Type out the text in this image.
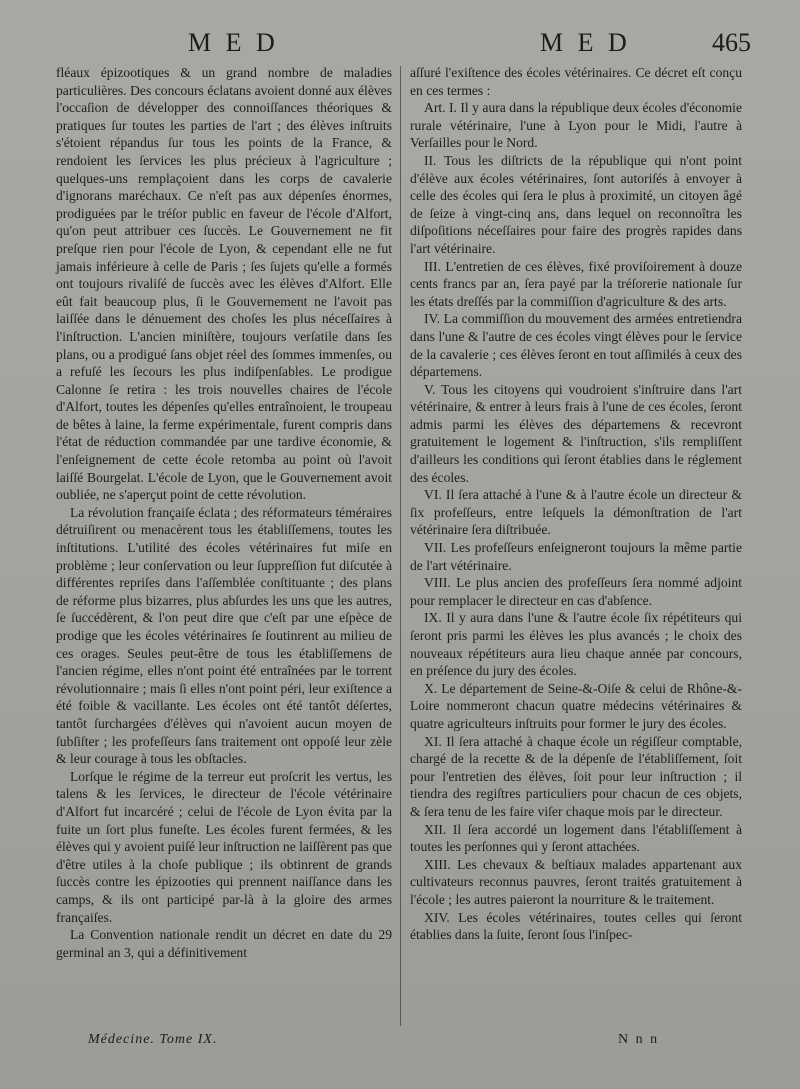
M E D	M E D	465

fléaux épizootiques & un grand nombre de maladies particulières. Des concours éclatans avoient donné aux élèves l'occaſion de développer des connoiſſances théoriques & pratiques ſur toutes les parties de l'art ; des élèves inſtruits s'étoient répandus ſur tous les points de la France, & rendoient les ſervices les plus précieux à l'agriculture ; quelques-uns remplaçoient dans les corps de cavalerie d'ignorans maréchaux. Ce n'eſt pas aux dépenſes énormes, prodiguées par le tréſor public en faveur de l'école d'Alfort, qu'on peut attribuer ces ſuccès. Le Gouvernement ne fit preſque rien pour l'école de Lyon, & cependant elle ne fut jamais inférieure à celle de Paris ; ſes ſujets qu'elle a formés ont toujours rivaliſé de ſuccès avec les élèves d'Alfort. Elle eût fait beaucoup plus, ſi le Gouvernement ne l'avoit pas laiſſée dans le dénuement des choſes les plus néceſſaires à l'inſtruction. L'ancien miniſtère, toujours verſatile dans ſes plans, ou a prodigué ſans objet réel des ſommes immenſes, ou a refuſé les ſecours les plus indiſpenſables. Le prodigue Calonne ſe retira : les trois nouvelles chaires de l'école d'Alfort, toutes les dépenſes qu'elles entraînoient, le troupeau de bêtes à laine, la ferme expérimentale, furent compris dans l'état de réduction commandée par une tardive économie, & l'enſeignement de cette école retomba au point où l'avoit laiſſé Bourgelat. L'école de Lyon, que le Gouvernement avoit oubliée, ne s'aperçut point de cette révolution.

La révolution françaiſe éclata ; des réformateurs téméraires détruiſirent ou menacèrent tous les établiſſemens, toutes les inſtitutions. L'utilité des écoles vétérinaires fut miſe en problème ; leur conſervation ou leur ſuppreſſion fut diſcutée à différentes repriſes dans l'aſſemblée conſtituante ; des plans de réforme plus bizarres, plus abſurdes les uns que les autres, ſe ſuccédèrent, & l'on peut dire que c'eſt par une eſpèce de prodige que les écoles vétérinaires ſe ſoutinrent au milieu de ces orages. Seules peut-être de tous les établiſſemens de l'ancien régime, elles n'ont point été entraînées par le torrent révolutionnaire ; mais ſi elles n'ont point péri, leur exiſtence a été foible & vacillante. Les écoles ont été tantôt déſertes, tantôt ſurchargées d'élèves qui n'avoient aucun moyen de ſubſiſter ; les profeſſeurs ſans traitement ont oppoſé leur zèle & leur courage à tous les obſtacles.

Lorſque le régime de la terreur eut proſcrit les vertus, les talens & les ſervices, le directeur de l'école vétérinaire d'Alfort fut incarcéré ; celui de l'école de Lyon évita par la fuite un ſort plus funeſte. Les écoles furent fermées, & les élèves qui y avoient puiſé leur inſtruction ne laiſſèrent pas que d'être utiles à la choſe publique ; ils obtinrent de grands ſuccès contre les épizooties qui prennent naiſſance dans les camps, & ils ont participé par-là à la gloire des armes françaiſes.

La Convention nationale rendit un décret en date du 29 germinal an 3, qui a définitivement

aſſuré l'exiſtence des écoles vétérinaires. Ce décret eſt conçu en ces termes :

Art. I. Il y aura dans la république deux écoles d'économie rurale vétérinaire, l'une à Lyon pour le Midi, l'autre à Verſailles pour le Nord.

II. Tous les diſtricts de la république qui n'ont point d'élève aux écoles vétérinaires, ſont autoriſés à envoyer à celle des écoles qui ſera le plus à proximité, un citoyen âgé de ſeize à vingt-cinq ans, dans lequel on reconnoîtra les diſpoſitions néceſſaires pour faire des progrès rapides dans l'art vétérinaire.

III. L'entretien de ces élèves, fixé proviſoirement à douze cents francs par an, ſera payé par la tréſorerie nationale ſur les états dreſſés par la commiſſion d'agriculture & des arts.

IV. La commiſſion du mouvement des armées entretiendra dans l'une & l'autre de ces écoles vingt élèves pour le ſervice de la cavalerie ; ces élèves ſeront en tout aſſimilés à ceux des départemens.

V. Tous les citoyens qui voudroient s'inſtruire dans l'art vétérinaire, & entrer à leurs frais à l'une de ces écoles, ſeront admis parmi les élèves des départemens & recevront gratuitement le logement & l'inſtruction, s'ils rempliſſent d'ailleurs les conditions qui ſeront établies dans le réglement des écoles.

VI. Il ſera attaché à l'une & à l'autre école un directeur & ſix profeſſeurs, entre leſquels la démonſtration de l'art vétérinaire ſera diſtribuée.

VII. Les profeſſeurs enſeigneront toujours la même partie de l'art vétérinaire.

VIII. Le plus ancien des profeſſeurs ſera nommé adjoint pour remplacer le directeur en cas d'abſence.

IX. Il y aura dans l'une & l'autre école ſix répétiteurs qui ſeront pris parmi les élèves les plus avancés ; le choix des nouveaux répétiteurs aura lieu chaque année par concours, en préſence du jury des écoles.

X. Le département de Seine-&-Oiſe & celui de Rhône-&-Loire nommeront chacun quatre médecins vétérinaires & quatre agriculteurs inſtruits pour former le jury des écoles.

XI. Il ſera attaché à chaque école un régiſſeur comptable, chargé de la recette & de la dépenſe de l'établiſſement, ſoit pour l'entretien des élèves, ſoit pour leur inſtruction ; il tiendra des regiſtres particuliers pour chacun de ces objets, & ſera tenu de les faire viſer chaque mois par le directeur.

XII. Il ſera accordé un logement dans l'établiſſement à toutes les perſonnes qui y ſeront attachées.

XIII. Les chevaux & beſtiaux malades appartenant aux cultivateurs reconnus pauvres, ſeront traités gratuitement à l'école ; les autres paieront la nourriture & le traitement.

XIV. Les écoles vétérinaires, toutes celles qui ſeront établies dans la ſuite, ſeront ſous l'inſpec-

Médecine. Tome IX.	N n n
